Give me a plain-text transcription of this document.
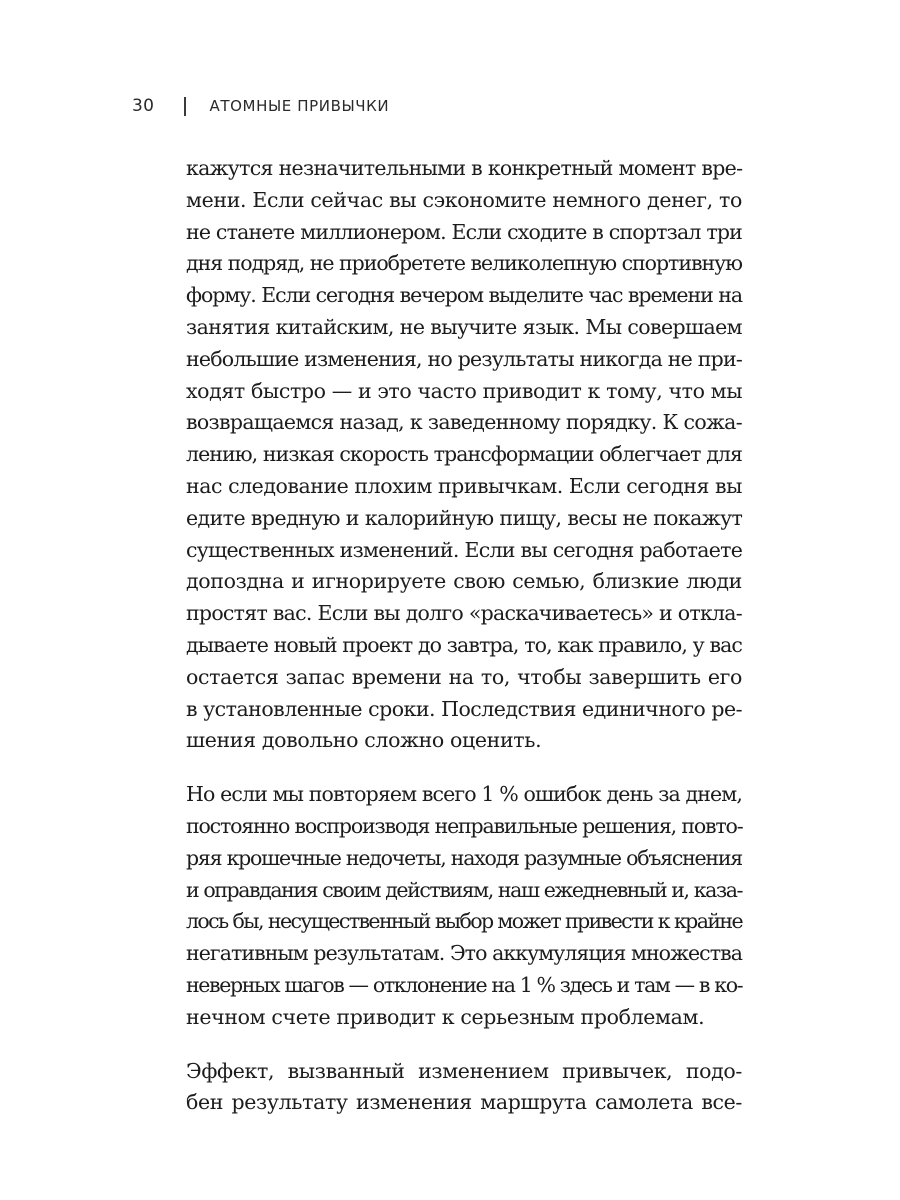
30	АТОМНЫЕ ПРИВЫЧКИ
кажутся незначительными в конкретный момент вре-
мени. Если сейчас вы сэкономите немного денег, то
не станете миллионером. Если сходите в спортзал три
дня подряд, не приобретете великолепную спортивную
форму. Если сегодня вечером выделите час времени на
занятия китайским, не выучите язык. Мы совершаем
небольшие изменения, но результаты никогда не при-
ходят быстро — и это часто приводит к тому, что мы
возвращаемся назад, к заведенному порядку. К сожа-
лению, низкая скорость трансформации облегчает для
нас следование плохим привычкам. Если сегодня вы
едите вредную и калорийную пищу, весы не покажут
существенных изменений. Если вы сегодня работаете
допоздна и игнорируете свою семью, близкие люди
простят вас. Если вы долго «раскачиваетесь» и откла-
дываете новый проект до завтра, то, как правило, у вас
остается запас времени на то, чтобы завершить его
в установленные сроки. Последствия единичного ре-
шения довольно сложно оценить.
Но если мы повторяем всего 1 % ошибок день за днем,
постоянно воспроизводя неправильные решения, повто-
ряя крошечные недочеты, находя разумные объяснения
и оправдания своим действиям, наш ежедневный и, каза-
лось бы, несущественный выбор может привести к крайне
негативным результатам. Это аккумуляция множества
неверных шагов — отклонение на 1 % здесь и там — в ко-
нечном счете приводит к серьезным проблемам.
Эффект, вызванный изменением привычек, подо-
бен результату изменения маршрута самолета все-
